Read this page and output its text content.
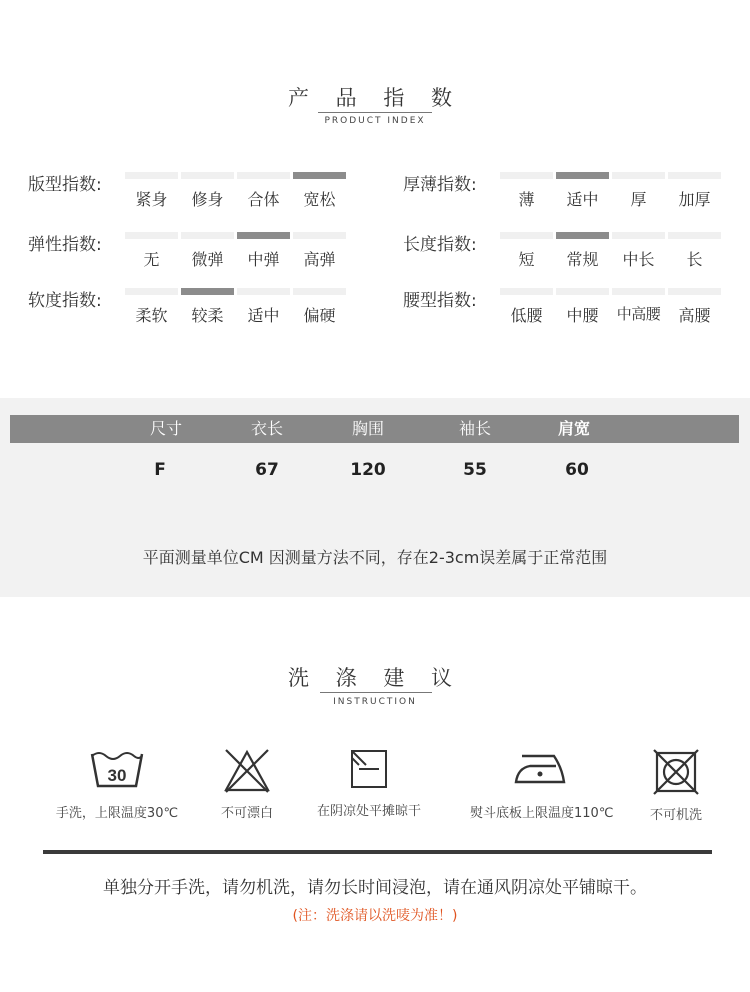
产 品 指 数
PRODUCT INDEX
版型指数:
紧身	修身	合体	宽松
弹性指数:
无	微弹	中弹	高弹
软度指数:
柔软	较柔	适中	偏硬
厚薄指数:
薄	适中	厚	加厚
长度指数:
短	常规	中长	长
腰型指数:
低腰	中腰	中高腰	高腰
尺寸	衣长	胸围	袖长	肩宽
F	67	120	55	60
平面测量单位CM 因测量方法不同，存在2-3cm误差属于正常范围
洗 涤 建 议
INSTRUCTION
30
手洗，上限温度30℃	不可漂白	在阴凉处平摊晾干	熨斗底板上限温度110℃	不可机洗
单独分开手洗，请勿机洗，请勿长时间浸泡，请在通风阴凉处平铺晾干。
(注：洗涤请以洗唛为准！)
